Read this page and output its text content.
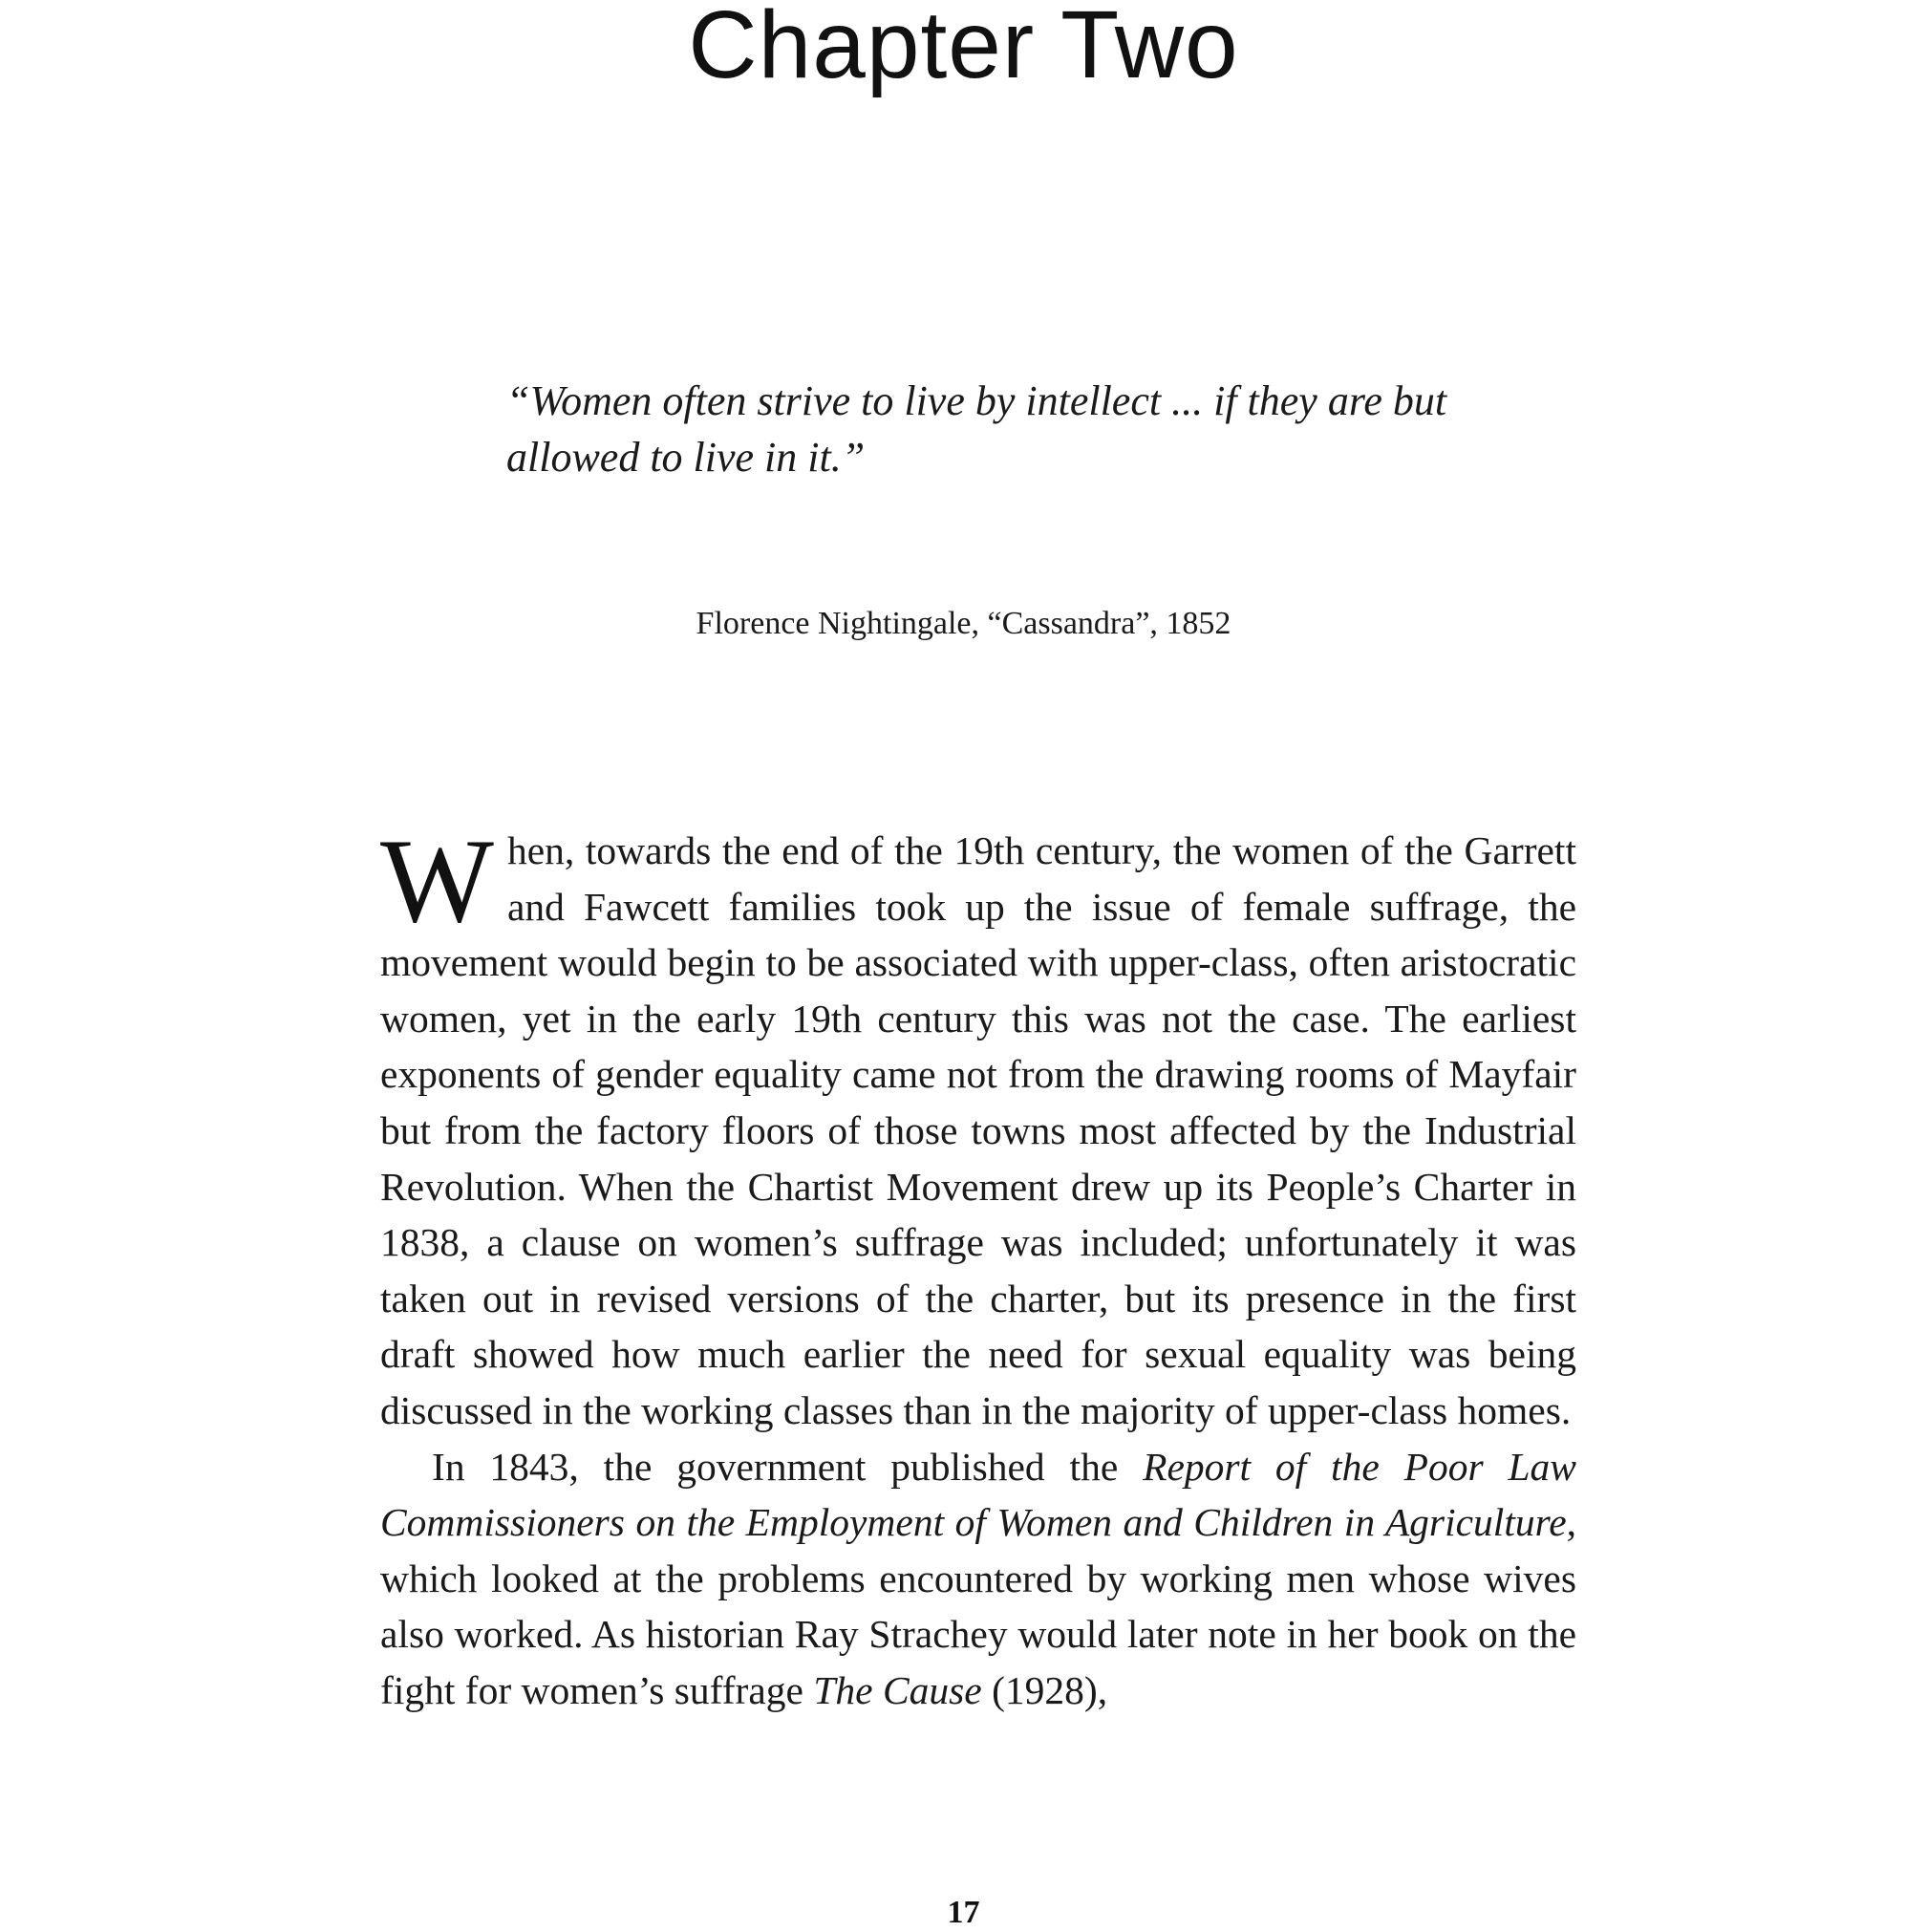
Chapter Two

“Women often strive to live by intellect ... if they are but allowed to live in it.”

Florence Nightingale, “Cassandra”, 1852

When, towards the end of the 19th century, the women of the Garrett and Fawcett families took up the issue of female suffrage, the movement would begin to be associated with upper-class, often aristocratic women, yet in the early 19th century this was not the case. The earliest exponents of gender equality came not from the drawing rooms of Mayfair but from the factory floors of those towns most affected by the Industrial Revolution. When the Chartist Movement drew up its People’s Charter in 1838, a clause on women’s suffrage was included; unfortunately it was taken out in revised versions of the charter, but its presence in the first draft showed how much earlier the need for sexual equality was being discussed in the working classes than in the majority of upper-class homes.

In 1843, the government published the Report of the Poor Law Commissioners on the Employment of Women and Children in Agriculture, which looked at the problems encountered by working men whose wives also worked. As historian Ray Strachey would later note in her book on the fight for women’s suffrage The Cause (1928),

17
